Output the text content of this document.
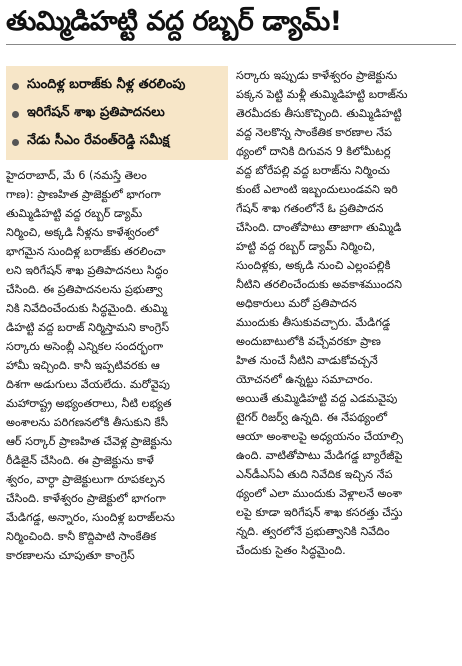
తుమ్మిడిహట్టి వద్ద రబ్బర్ డ్యామ్!
సుందిళ్ల బరాజ్‌కు నీళ్ల తరలింపు
ఇరిగేషన్ శాఖ ప్రతిపాదనలు
నేడు సీఎం రేవంత్‌రెడ్డి సమీక్ష

హైదరాబాద్, మే 6 (నమస్తే తెలం
గాణ): ప్రాణహిత ప్రాజెక్టులో భాగంగా
తుమ్మిడిహట్టి వద్ద రబ్బర్ డ్యామ్
నిర్మించి, అక్కడి నీళ్లను కాళేశ్వరంలో
భాగమైన సుందిళ్ల బరాజ్‌కు తరలించా
లని ఇరిగేషన్ శాఖ ప్రతిపాదనలు సిద్ధం
చేసింది. ఈ ప్రతిపాదనలను ప్రభుత్వా
నికి నివేదించేందుకు సిద్ధమైంది. తుమ్మి
డిహట్టి వద్ద బరాజ్ నిర్మిస్తామని కాంగ్రెస్
సర్కారు అసెంబ్లీ ఎన్నికల సందర్భంగా
హామీ ఇచ్చింది. కానీ ఇప్పటివరకు ఆ
దిశగా అడుగులు వేయలేదు. మరోవైపు
మహారాష్ట్ర అభ్యంతరాలు, నీటి లభ్యత
అంశాలను పరిగణనలోకి తీసుకుని కేసీ
ఆర్ సర్కార్ ప్రాణహిత చేవెళ్ల ప్రాజెక్టును
రీడిజైన్ చేసింది. ఈ ప్రాజెక్టును కాళే
శ్వరం, వార్ధా ప్రాజెక్టులుగా రూపకల్పన
చేసింది. కాళేశ్వరం ప్రాజెక్టులో భాగంగా
మేడిగడ్డ, అన్నారం, సుందిళ్ల బరాజ్‌లను
నిర్మించింది. కానీ కొద్దిపాటి సాంకేతిక
కారణాలను చూపుతూ కాంగ్రెస్

సర్కారు ఇప్పుడు కాళేశ్వరం ప్రాజెక్టును
పక్కన పెట్టి మళ్లీ తుమ్మిడిహట్టి బరాజ్‌ను
తెరమీదకు తీసుకొచ్చింది. తుమ్మిడిహట్టి
వద్ద నెలకొన్న సాంకేతిక కారణాల నేప
థ్యంలో దానికి దిగువన 9 కిలోమీటర్ల
వద్ద బోరేపల్లి వద్ద బరాజ్‌ను నిర్మించు
కుంటే ఎలాంటి ఇబ్బందులుండవని ఇరి
గేషన్ శాఖ గతంలోనే ఓ ప్రతిపాదన
చేసింది. దాంతోపాటు తాజాగా తుమ్మిడి
హట్టి వద్ద రబ్బర్ డ్యామ్ నిర్మించి,
సుందిళ్లకు, అక్కడి నుంచి ఎల్లంపల్లికి
నీటిని తరలించేందుకు అవకాశముందని
అధికారులు మరో ప్రతిపాదన
ముందుకు తీసుకువచ్చారు. మేడిగడ్డ
అందుబాటులోకి వచ్చేవరకూ ప్రాణ
హిత నుంచే నీటిని వాడుకోవచ్చనే
యోచనలో ఉన్నట్టు సమాచారం.
అయితే తుమ్మిడిహట్టి వద్ద ఎడమవైపు
టైగర్ రిజర్వ్ ఉన్నది. ఈ నేపథ్యంలో
ఆయా అంశాలపై అధ్యయనం చేయాల్సి
ఉంది. వాటితోపాటు మేడిగడ్డ బ్యారేజీపై
ఎన్‌డీఎస్‌ఏ తుది నివేదిక ఇచ్చిన నేప
థ్యంలో ఎలా ముందుకు వెళ్లాలనే అంశా
లపై కూడా ఇరిగేషన్ శాఖ కసరత్తు చేస్తు
న్నది. త్వరలోనే ప్రభుత్వానికి నివేదిం
చేందుకు సైతం సిద్ధమైంది.
